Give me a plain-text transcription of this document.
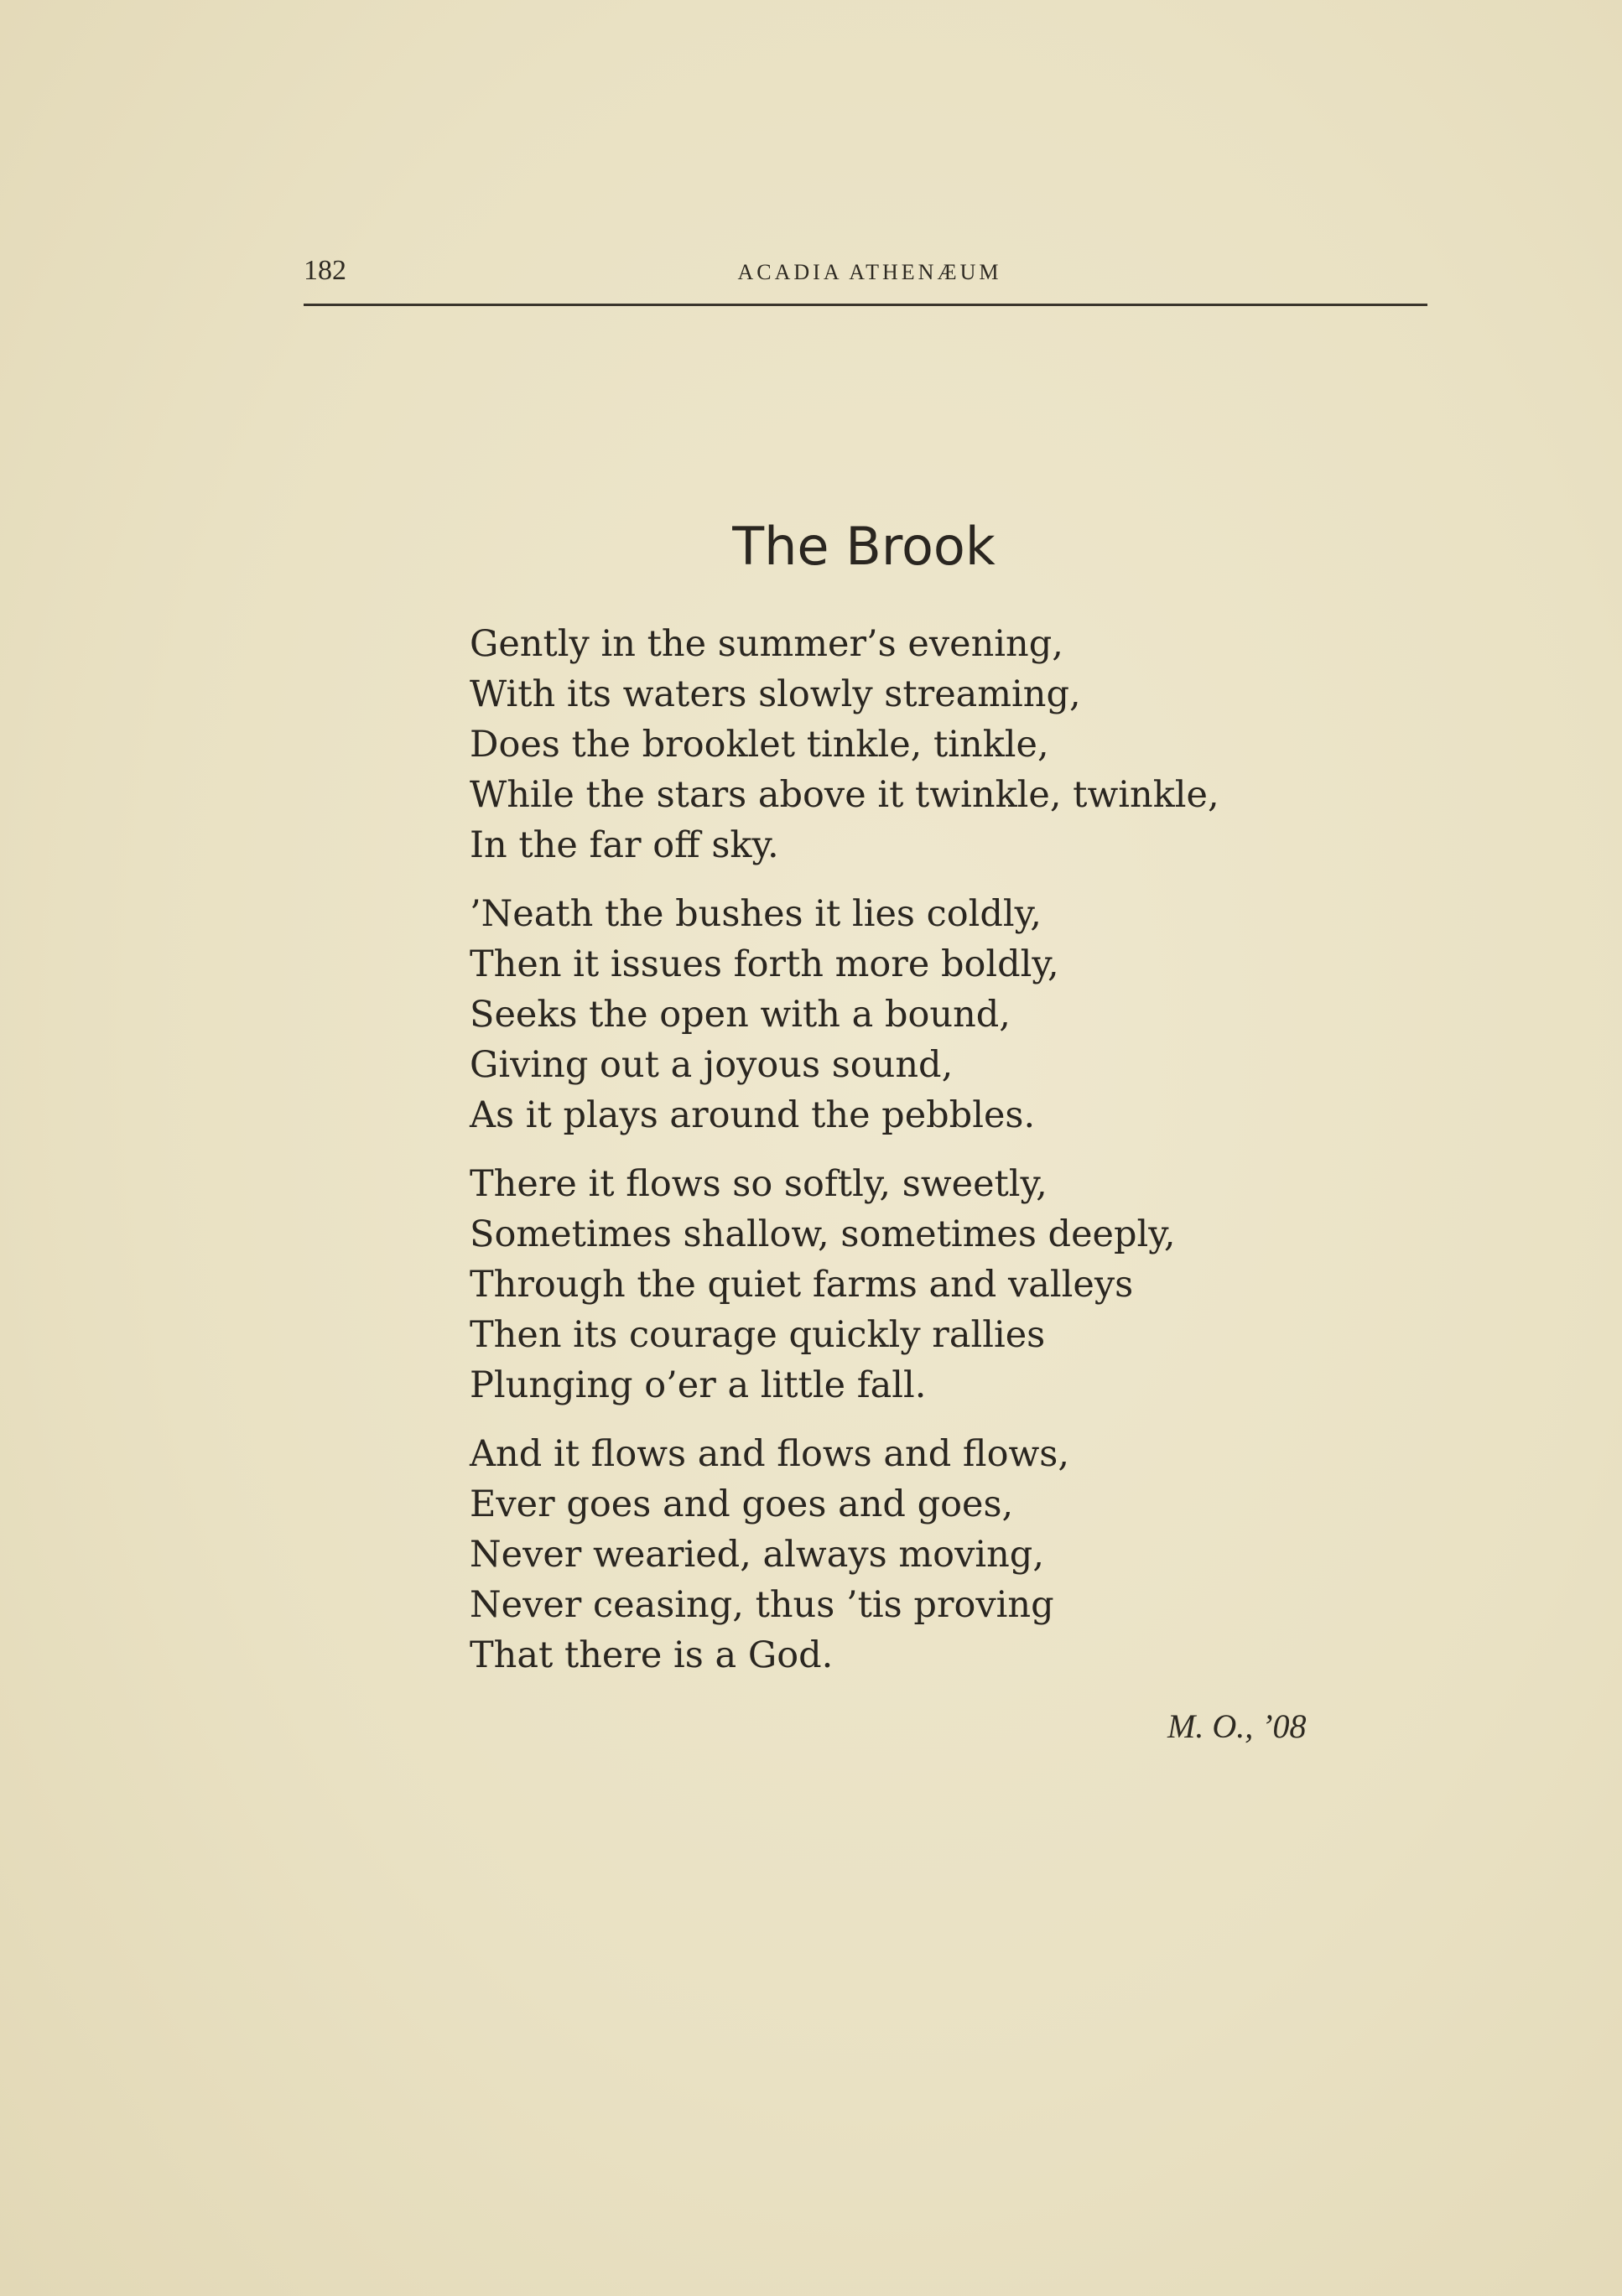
182	ACADIA ATHENÆUM
The Brook

Gently in the summer’s evening,
With its waters slowly streaming,
Does the brooklet tinkle, tinkle,
While the stars above it twinkle, twinkle,
In the far off sky.

’Neath the bushes it lies coldly,
Then it issues forth more boldly,
Seeks the open with a bound,
Giving out a joyous sound,
As it plays around the pebbles.

There it flows so softly, sweetly,
Sometimes shallow, sometimes deeply,
Through the quiet farms and valleys
Then its courage quickly rallies
Plunging o’er a little fall.

And it flows and flows and flows,
Ever goes and goes and goes,
Never wearied, always moving,
Never ceasing, thus ’tis proving
That there is a God.

M. O., ’08
